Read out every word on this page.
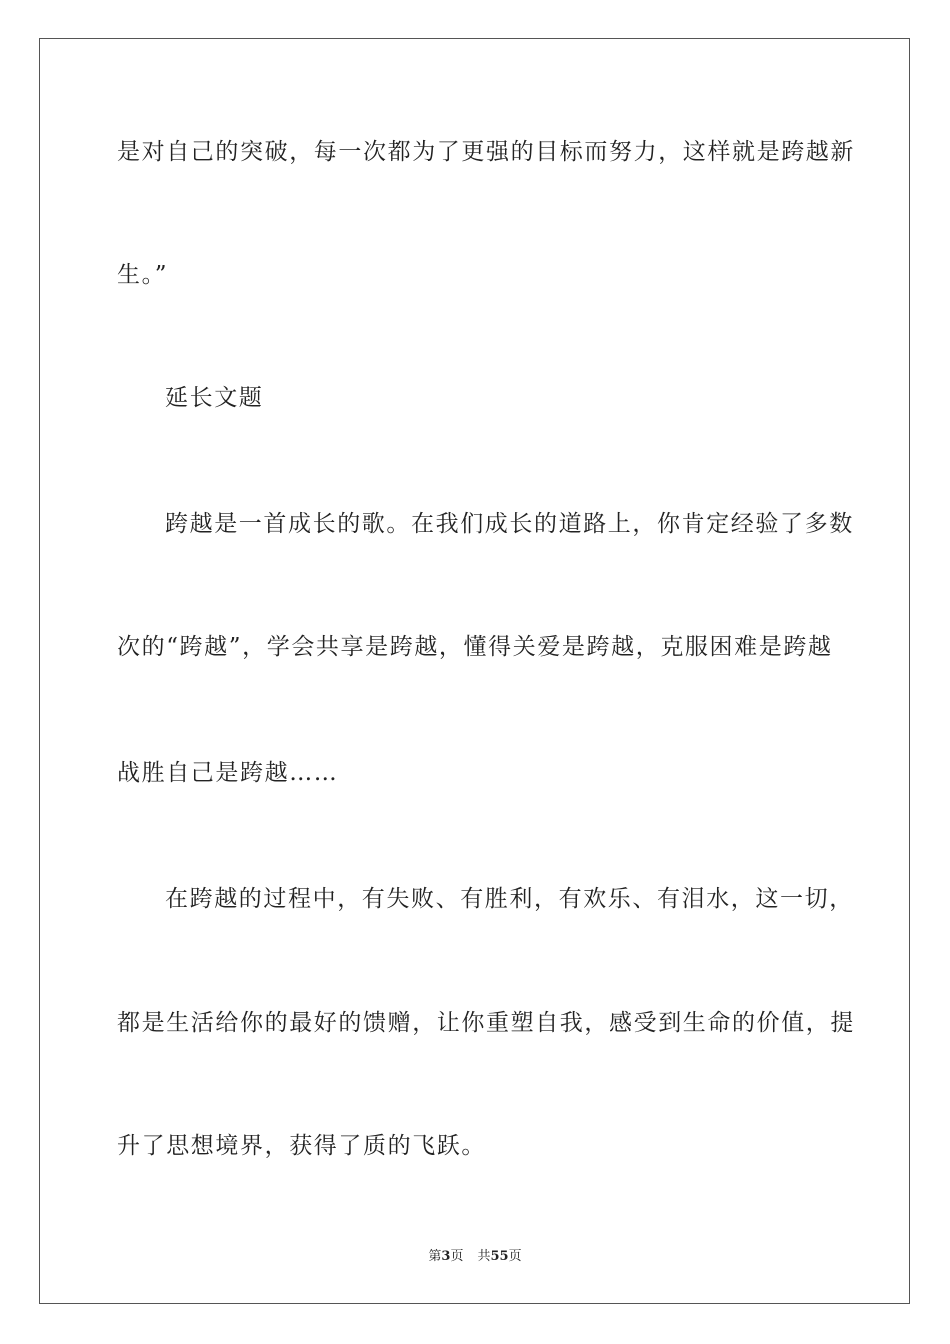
是对自己的突破，每一次都为了更强的目标而努力，这样就是跨越新
生。”
延长文题
跨越是一首成长的歌。在我们成长的道路上，你肯定经验了多数
次的“跨越”，学会共享是跨越，懂得关爱是跨越，克服困难是跨越
战胜自己是跨越……
在跨越的过程中，有失败、有胜利，有欢乐、有泪水，这一切，
都是生活给你的最好的馈赠，让你重塑自我，感受到生命的价值，提
升了思想境界，获得了质的飞跃。
第3页 共55页
